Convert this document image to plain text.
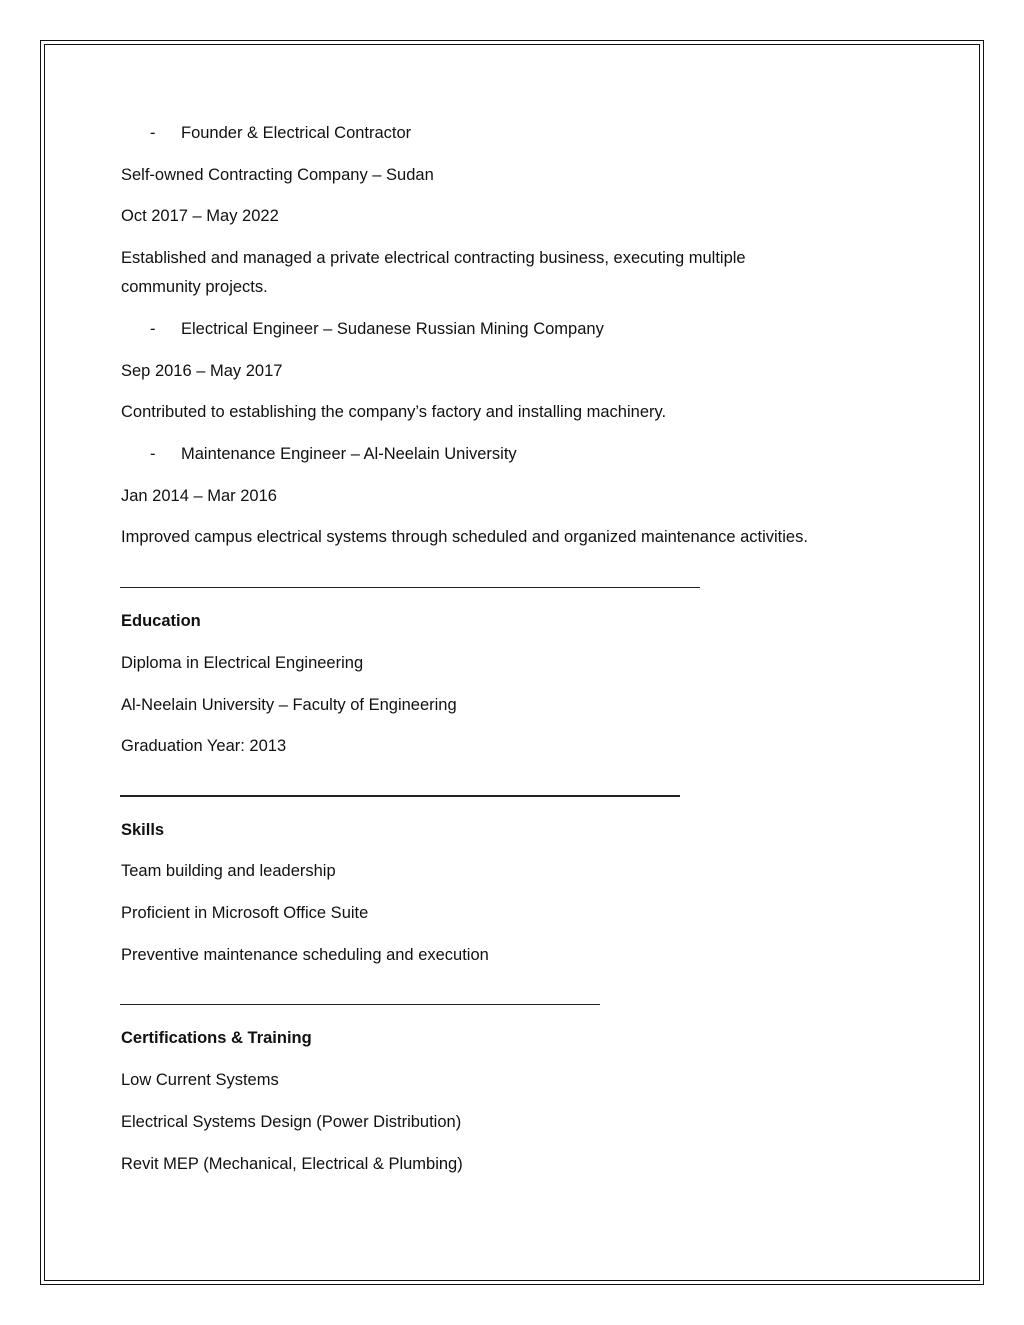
- Founder & Electrical Contractor
Self-owned Contracting Company – Sudan
Oct 2017 – May 2022
Established and managed a private electrical contracting business, executing multiple
community projects.
- Electrical Engineer – Sudanese Russian Mining Company
Sep 2016 – May 2017
Contributed to establishing the company’s factory and installing machinery.
- Maintenance Engineer – Al-Neelain University
Jan 2014 – Mar 2016
Improved campus electrical systems through scheduled and organized maintenance activities.
Education
Diploma in Electrical Engineering
Al-Neelain University – Faculty of Engineering
Graduation Year: 2013
Skills
Team building and leadership
Proficient in Microsoft Office Suite
Preventive maintenance scheduling and execution
Certifications & Training
Low Current Systems
Electrical Systems Design (Power Distribution)
Revit MEP (Mechanical, Electrical & Plumbing)
